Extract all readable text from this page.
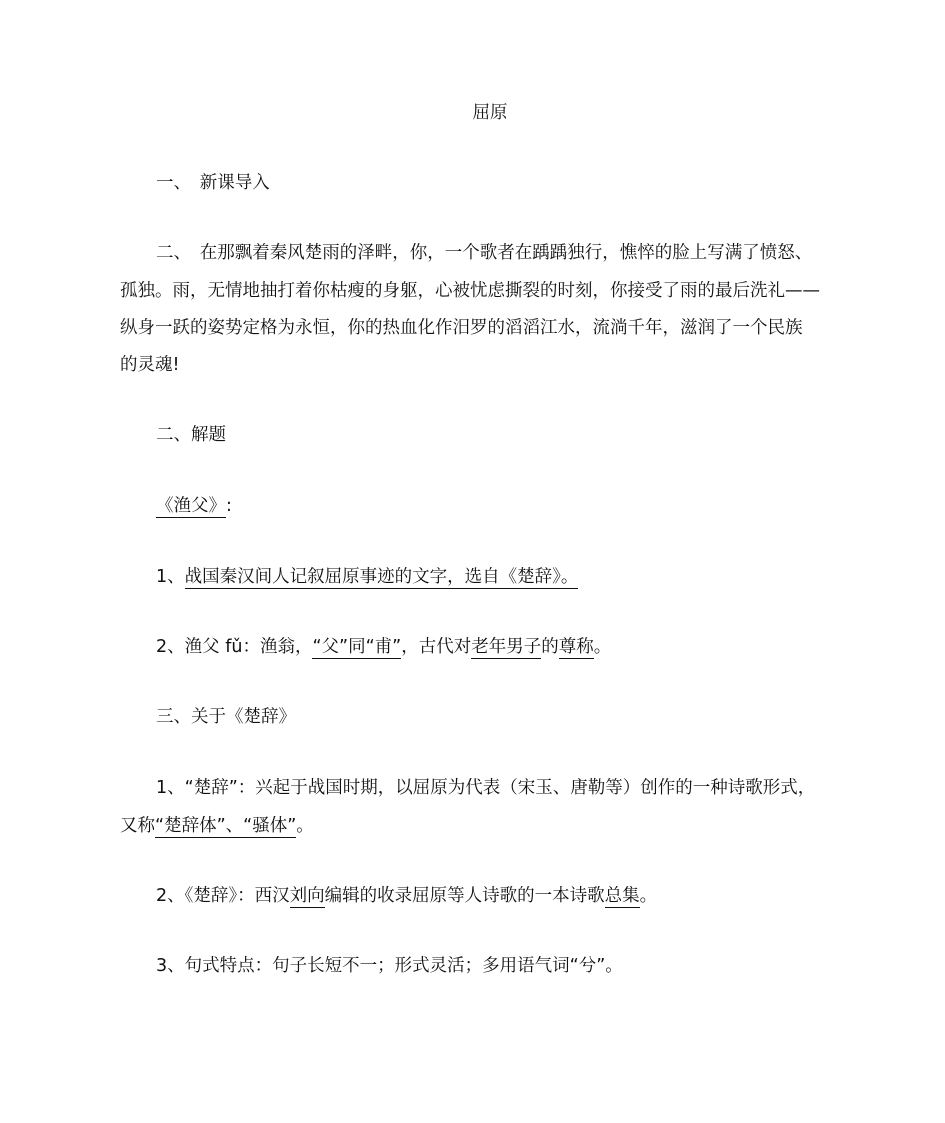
屈原
一、　新课导入
二、　在那飘着秦风楚雨的泽畔，你，一个歌者在踽踽独行，憔悴的脸上写满了愤怒、
孤独。雨，无情地抽打着你枯瘦的身躯，心被忧虑撕裂的时刻，你接受了雨的最后洗礼——
纵身一跃的姿势定格为永恒，你的热血化作汨罗的滔滔江水，流淌千年，滋润了一个民族
的灵魂!
二、解题
《渔父》:
1、战国秦汉间人记叙屈原事迹的文字，选自《楚辞》。
2、渔父 fǔ：渔翁，“父”同“甫”，古代对老年男子的尊称。
三、关于《楚辞》
1、“楚辞”：兴起于战国时期，以屈原为代表（宋玉、唐勒等）创作的一种诗歌形式，
又称“楚辞体”、“骚体”。
2、《楚辞》：西汉刘向编辑的收录屈原等人诗歌的一本诗歌总集。
3、句式特点：句子长短不一；形式灵活；多用语气词“兮”。
